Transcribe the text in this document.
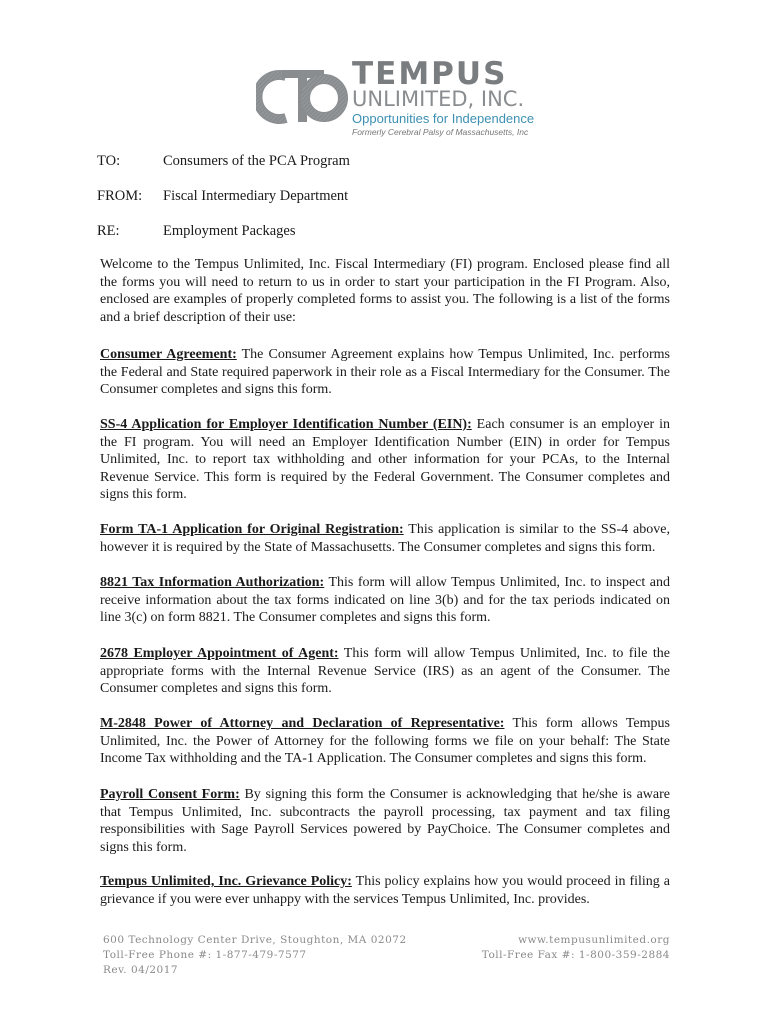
TEMPUS
UNLIMITED, INC.
Opportunities for Independence
Formerly Cerebral Palsy of Massachusetts, Inc
TO:	Consumers of the PCA Program
FROM: Fiscal Intermediary Department
RE:	Employment Packages
Welcome to the Tempus Unlimited, Inc. Fiscal Intermediary (FI) program. Enclosed please find all the forms you will need to return to us in order to start your participation in the FI Program. Also, enclosed are examples of properly completed forms to assist you. The following is a list of the forms and a brief description of their use:
Consumer Agreement: The Consumer Agreement explains how Tempus Unlimited, Inc. performs the Federal and State required paperwork in their role as a Fiscal Intermediary for the Consumer. The Consumer completes and signs this form.
SS-4 Application for Employer Identification Number (EIN): Each consumer is an employer in the FI program. You will need an Employer Identification Number (EIN) in order for Tempus Unlimited, Inc. to report tax withholding and other information for your PCAs, to the Internal Revenue Service. This form is required by the Federal Government. The Consumer completes and signs this form.
Form TA-1 Application for Original Registration: This application is similar to the SS-4 above, however it is required by the State of Massachusetts. The Consumer completes and signs this form.
8821 Tax Information Authorization: This form will allow Tempus Unlimited, Inc. to inspect and receive information about the tax forms indicated on line 3(b) and for the tax periods indicated on line 3(c) on form 8821. The Consumer completes and signs this form.
2678 Employer Appointment of Agent: This form will allow Tempus Unlimited, Inc. to file the appropriate forms with the Internal Revenue Service (IRS) as an agent of the Consumer. The Consumer completes and signs this form.
M-2848 Power of Attorney and Declaration of Representative: This form allows Tempus Unlimited, Inc. the Power of Attorney for the following forms we file on your behalf: The State Income Tax withholding and the TA-1 Application. The Consumer completes and signs this form.
Payroll Consent Form: By signing this form the Consumer is acknowledging that he/she is aware that Tempus Unlimited, Inc. subcontracts the payroll processing, tax payment and tax filing responsibilities with Sage Payroll Services powered by PayChoice. The Consumer completes and signs this form.
Tempus Unlimited, Inc. Grievance Policy: This policy explains how you would proceed in filing a grievance if you were ever unhappy with the services Tempus Unlimited, Inc. provides.
600 Technology Center Drive, Stoughton, MA 02072
Toll-Free Phone #: 1-877-479-7577
Rev. 04/2017
www.tempusunlimited.org
Toll-Free Fax #: 1-800-359-2884
